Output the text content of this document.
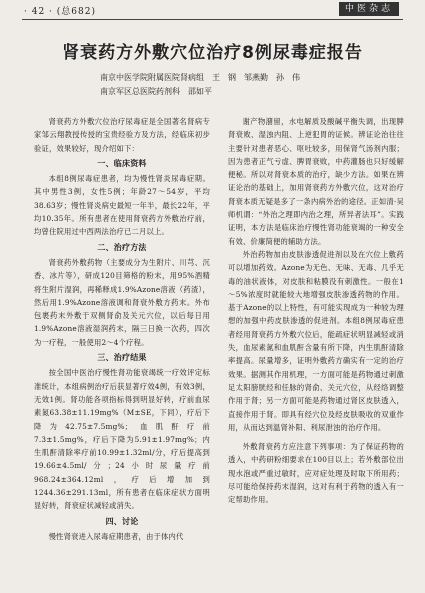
· 42 · (总682)	中医杂志
肾衰药方外敷穴位治疗8例尿毒症报告
南京中医学院附属医院肾病组　王　钢　邹燕勤　孙　伟
南京军区总医院药剂科　邵如平

肾衰药方外敷穴位治疗尿毒症是全国著名肾病专家邹云翔教授传授的宝贵经验方及方法，经临床初步验证，效果较好，现介绍如下：

一、临床资料

本组8例尿毒症患者，均为慢性肾炎尿毒症期。其中男性3例，女性5例；年龄27～54岁，平均38.63岁；慢性肾炎病史最短一年半，最长22年，平均10.35年。所有患者在使用肾衰药方外敷治疗前，均曾住院用过中西两法治疗已二月以上。

二、治疗方法

肾衰药外敷药物（主要成分为生附片、川芎、沉香、冰片等），研成120目筛格的粉末，用95%酒精将生附片湿润，再稀释成1.9%Azone溶液（药渣），然后用1.9%Azone溶液调和肾衰外敷方药末。外布包裹药末外敷于双侧肾俞及关元穴位，以后每日用1.9%Azone溶液湿润药末，隔三日换一次药，四次为一疗程，一般使用2～4个疗程。

三、治疗结果

按全国中医治疗慢性肾功能衰竭统一疗效评定标准统计，本组病例治疗后获显著疗效4例，有效3例，无效1例。肾功能各项指标得到明显好转，疗前血尿素氮63.38±11.19mg%（M±SE，下同），疗后下降为42.75±7.5mg%；血肌酐疗前7.3±1.5mg%，疗后下降为5.91±1.97mg%；内生肌酐清除率疗前10.99±1.32ml/分，疗后提高到19.66±4.5ml/分；24小时尿量疗前968.24±364.12ml，疗后增加到1244.36±291.13ml，所有患者在临床症状方面明显好转，肾衰症状减轻或消失。

四、讨论

慢性肾衰进入尿毒症期患者，由于体内代

谢产物潴留，水电解质及酸碱平衡失调，出现脾肾衰败、湿浊内阻、上逆犯胃的证候。辨证论治往往主要针对患者恶心、呕吐较多，用保肾气汤剂内服；因为患者正气亏虚、脾胃衰败，中药灌肠也只好缓解便秘。所以对肾衰本质的治疗，缺少方法。如果在辨证论治的基础上，加用肾衰药方外敷穴位，这对治疗肾衰本质无疑是多了一条内病外治的途径。正如清·吴师机谓：“外治之理即内治之理，所异者法耳”。实践证明，本方法是临床治疗慢性肾功能衰竭的一种安全有效、价廉简便的辅助方法。

外治药物加由皮肤渗透促进剂以及在穴位上敷药可以增加药效。Azone为无色、无味、无毒、几乎无毒的油状液体，对皮肤和粘膜没有刺激性。一般在1～5%浓度时就能较大地增强皮肤渗透药物的作用。基于Azone的以上特性，有可能实现成为一种较为理想的加强中药皮肤渗透的促进剂。本组8例尿毒症患者经用肾衰药方外敷穴位后，能疏症状明显减轻或消失，血尿素氮和血肌酐含量有所下降，内生肌酐清除率提高。尿量增多，证明外敷药方确实有一定的治疗效果。据测其作用机理，一方面可能是药物通过刺激足太阳膀胱经和任脉的肾俞、关元穴位，从经络调整作用于肾；另一方面可能是药物通过肾区皮肤透入，直接作用于肾。即具有经穴位及经皮肤吸收的双重作用，从而达到温肾补阳、利尿泄浊的治疗作用。

外敷肾衰药方应注意下列事项：为了保证药物的透入，中药研粉细要求在100目以上；若外敷部位出现水泡或严重过敏时，应对症处理及时取下所用药；尽可能给保持药末湿润，这对有利于药物的透入有一定帮助作用。
